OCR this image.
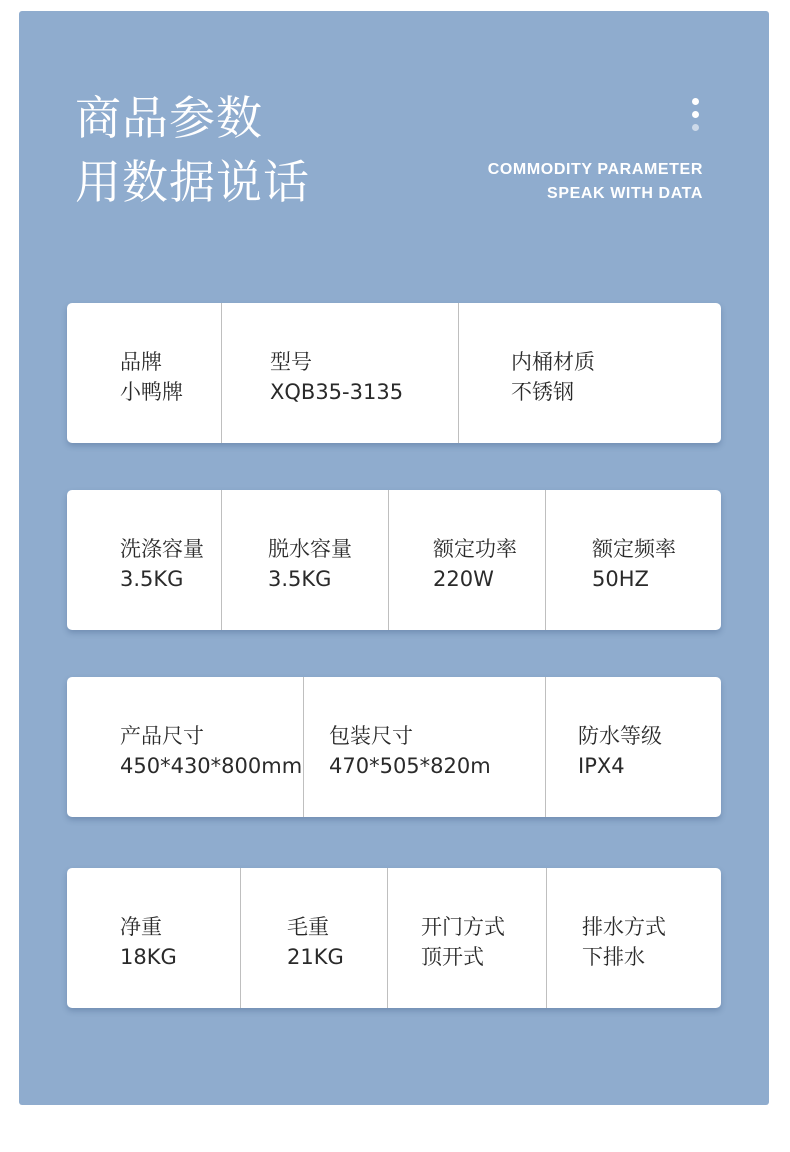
商品参数
用数据说话	COMMODITY PARAMETER
SPEAK WITH DATA
品牌
小鸭牌
型号
XQB35-3135
内桶材质
不锈钢
洗涤容量
3.5KG
脱水容量
3.5KG
额定功率
220W
额定频率
50HZ
产品尺寸
450*430*800mm
包装尺寸
470*505*820m
防水等级
IPX4
净重
18KG
毛重
21KG
开门方式
顶开式
排水方式
下排水
